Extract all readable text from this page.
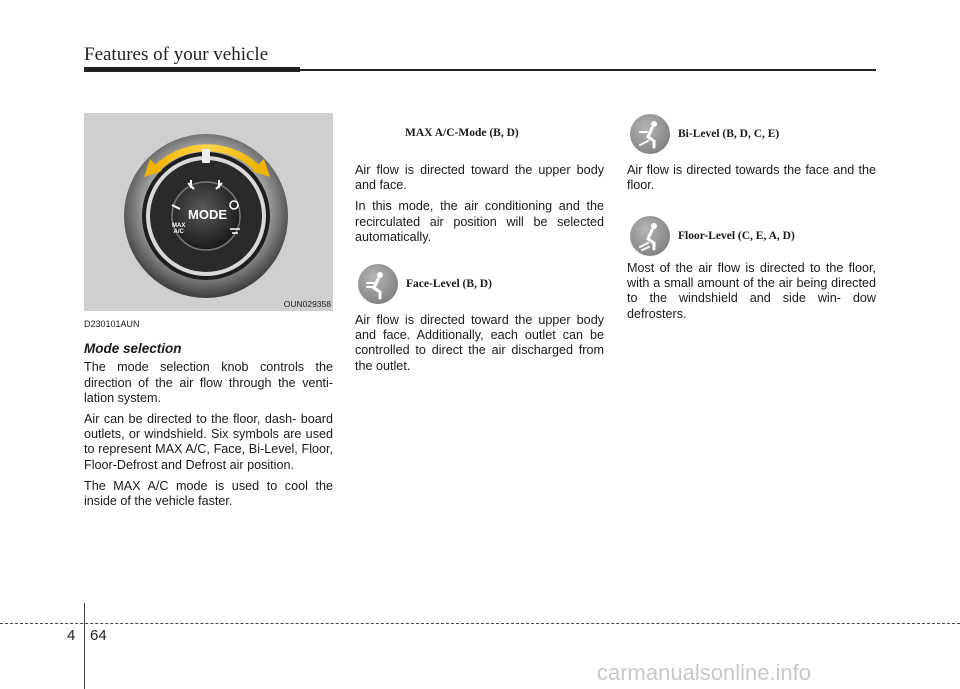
Features of your vehicle
MODE
MAX
A/C
OUN029358
D230101AUN
Mode selection

The mode selection knob controls the direction of the air flow through the venti- lation system.

Air can be directed to the floor, dash- board outlets, or windshield. Six symbols are used to represent MAX A/C, Face, Bi-Level, Floor, Floor-Defrost and Defrost air position.

The MAX A/C mode is used to cool the inside of the vehicle faster.

MAX A/C-Mode (B, D)

Air flow is directed toward the upper body and face.

In this mode, the air conditioning and the recirculated air position will be selected automatically.

Face-Level (B, D)

Air flow is directed toward the upper body and face. Additionally, each outlet can be controlled to direct the air discharged from the outlet.

Bi-Level (B, D, C, E)

Air flow is directed towards the face and the floor.

Floor-Level (C, E, A, D)

Most of the air flow is directed to the floor, with a small amount of the air being directed to the windshield and side win- dow defrosters.

4 64
carmanualsonline.info
